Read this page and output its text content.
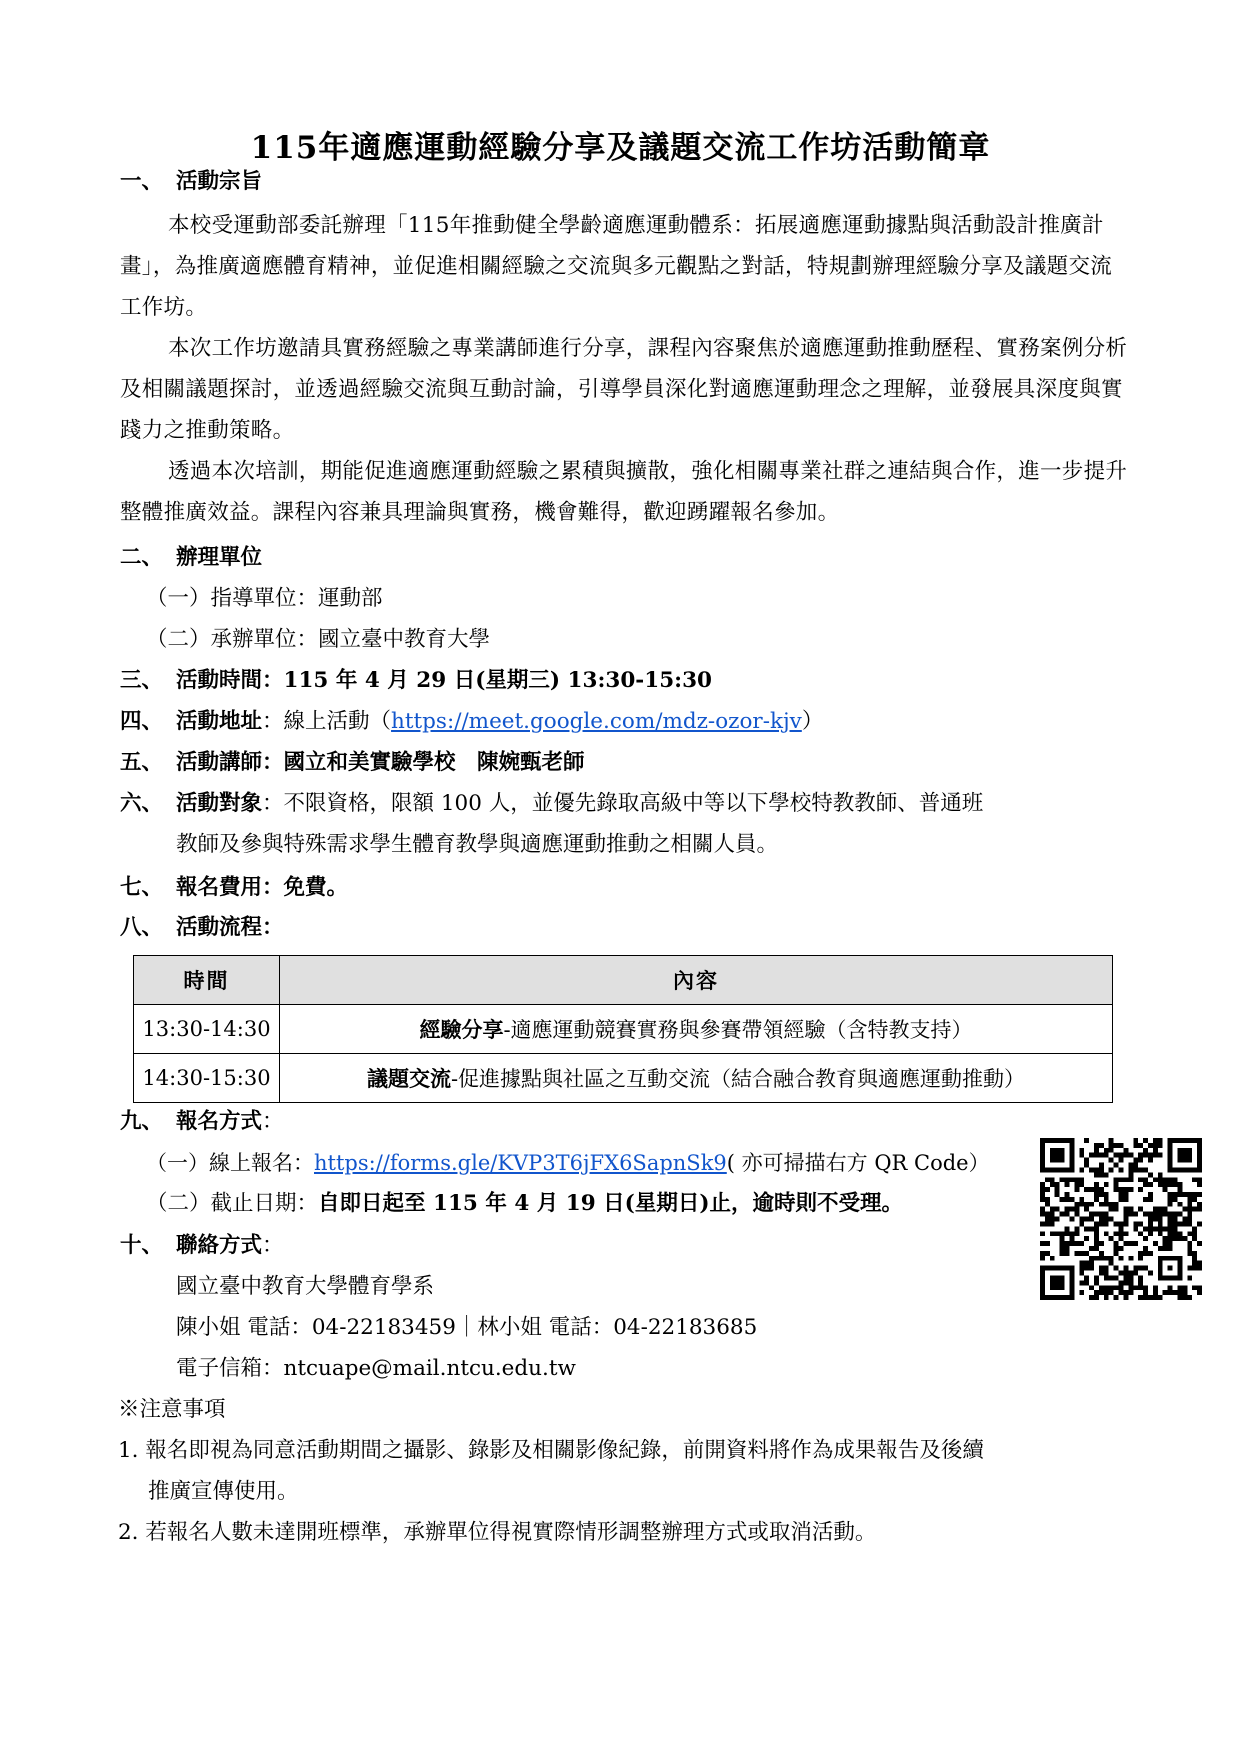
115年適應運動經驗分享及議題交流工作坊活動簡章
一、 活動宗旨

本校受運動部委託辦理「115年推動健全學齡適應運動體系：拓展適應運動據點與活動設計推廣計畫」，為推廣適應體育精神，並促進相關經驗之交流與多元觀點之對話，特規劃辦理經驗分享及議題交流工作坊。

本次工作坊邀請具實務經驗之專業講師進行分享，課程內容聚焦於適應運動推動歷程、實務案例分析及相關議題探討，並透過經驗交流與互動討論，引導學員深化對適應運動理念之理解，並發展具深度與實踐力之推動策略。

透過本次培訓，期能促進適應運動經驗之累積與擴散，強化相關專業社群之連結與合作，進一步提升整體推廣效益。課程內容兼具理論與實務，機會難得，歡迎踴躍報名參加。

二、 辦理單位
（一）指導單位：運動部
（二）承辦單位：國立臺中教育大學
三、 活動時間：115 年 4 月 29 日(星期三) 13:30-15:30
四、 活動地址：線上活動（https://meet.google.com/mdz-ozor-kjv）
五、 活動講師：國立和美實驗學校　陳婉甄老師
六、 活動對象：不限資格，限額 100 人，並優先錄取高級中等以下學校特教教師、普通班
教師及參與特殊需求學生體育教學與適應運動推動之相關人員。
七、 報名費用：免費。
八、 活動流程：
時間	內容
13:30-14:30	經驗分享-適應運動競賽實務與參賽帶領經驗（含特教支持）
14:30-15:30	議題交流-促進據點與社區之互動交流（結合融合教育與適應運動推動）
九、 報名方式：
（一）線上報名：https://forms.gle/KVP3T6jFX6SapnSk9( 亦可掃描右方 QR Code）
（二）截止日期：自即日起至 115 年 4 月 19 日(星期日)止，逾時則不受理。
十、 聯絡方式：
國立臺中教育大學體育學系
陳小姐 電話：04-22183459｜林小姐 電話：04-22183685
電子信箱：ntcuape@mail.ntcu.edu.tw
※注意事項
1. 報名即視為同意活動期間之攝影、錄影及相關影像紀錄，前開資料將作為成果報告及後續
推廣宣傳使用。
2. 若報名人數未達開班標準，承辦單位得視實際情形調整辦理方式或取消活動。
